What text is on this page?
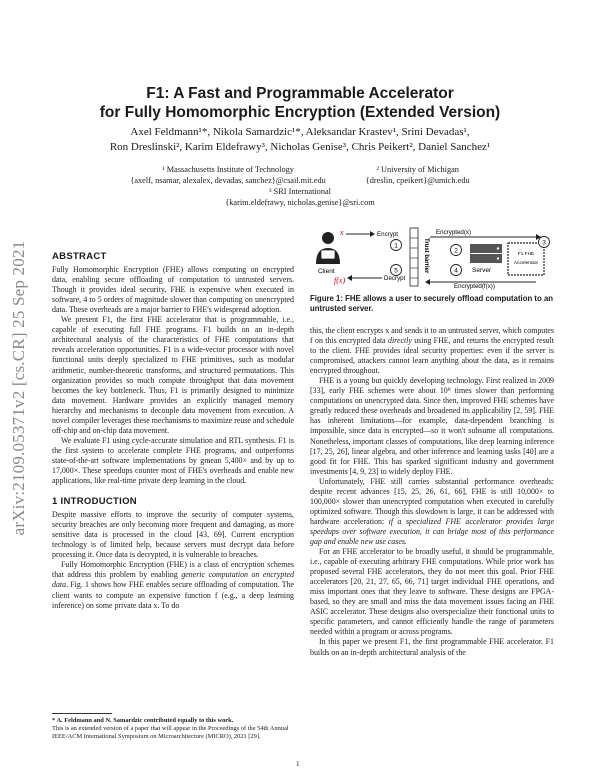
arXiv:2109.05371v2 [cs.CR] 25 Sep 2021
F1: A Fast and Programmable Accelerator
for Fully Homomorphic Encryption (Extended Version)
Axel Feldmann¹*, Nikola Samardzic¹*, Aleksandar Krastev¹, Srini Devadas¹,
Ron Dreslinski², Karim Eldefrawy³, Nicholas Genise³, Chris Peikert², Daniel Sanchez¹
¹ Massachusetts Institute of Technology
{axelf, nsamar, alexalex, devadas, sanchez}@csail.mit.edu
² University of Michigan
{dreslin, cpeikert}@umich.edu
³ SRI International
{karim.eldefrawy, nicholas.genise}@sri.com
ABSTRACT

Fully Homomorphic Encryption (FHE) allows computing on encrypted data, enabling secure offloading of computation to untrusted servers. Though it provides ideal security, FHE is expensive when executed in software, 4 to 5 orders of magnitude slower than computing on unencrypted data. These overheads are a major barrier to FHE's widespread adoption.

We present F1, the first FHE accelerator that is programmable, i.e., capable of executing full FHE programs. F1 builds on an in-depth architectural analysis of the characteristics of FHE computations that reveals acceleration opportunities. F1 is a wide-vector processor with novel functional units deeply specialized to FHE primitives, such as modular arithmetic, number-theoretic transforms, and structured permutations. This organization provides so much compute throughput that data movement becomes the key bottleneck. Thus, F1 is primarily designed to minimize data movement. Hardware provides an explicitly managed memory hierarchy and mechanisms to decouple data movement from execution. A novel compiler leverages these mechanisms to maximize reuse and schedule off-chip and on-chip data movement.

We evaluate F1 using cycle-accurate simulation and RTL synthesis. F1 is the first system to accelerate complete FHE programs, and outperforms state-of-the-art software implementations by gmean 5,400× and by up to 17,000×. These speedups counter most of FHE's overheads and enable new applications, like real-time private deep learning in the cloud.

1 INTRODUCTION

Despite massive efforts to improve the security of computer systems, security breaches are only becoming more frequent and damaging, as more sensitive data is processed in the cloud [43, 69]. Current encryption technology is of limited help, because servers must decrypt data before processing it. Once data is decrypted, it is vulnerable to breaches.

Fully Homomorphic Encryption (FHE) is a class of encryption schemes that address this problem by enabling generic computation on encrypted data. Fig. 1 shows how FHE enables secure offloading of computation. The client wants to compute an expensive function f (e.g., a deep learning inference) on some private data x. To do

* A. Feldmann and N. Samardzic contributed equally to this work.
This is an extended version of a paper that will appear in the Proceedings of the 54th Annual IEEE/ACM International Symposium on Microarchitecture (MICRO), 2021 [29].
Client
x
f(x)
Encrypt
Decrypt
1
5	Trust barrier
Encrypted(x)
Encrypted(f(x))
2
4 Server
F1 FHE
Accelerator
3
Figure 1: FHE allows a user to securely offload computation to an untrusted server.

this, the client encrypts x and sends it to an untrusted server, which computes f on this encrypted data directly using FHE, and returns the encrypted result to the client. FHE provides ideal security properties: even if the server is compromised, attackers cannot learn anything about the data, as it remains encrypted throughout.

FHE is a young but quickly developing technology. First realized in 2009 [33], early FHE schemes were about 10⁹ times slower than performing computations on unencrypted data. Since then, improved FHE schemes have greatly reduced these overheads and broadened its applicability [2, 59]. FHE has inherent limitations—for example, data-dependent branching is impossible, since data is encrypted—so it won't subsume all computations. Nonetheless, important classes of computations, like deep learning inference [17, 25, 26], linear algebra, and other inference and learning tasks [40] are a good fit for FHE. This has sparked significant industry and government investments [4, 9, 23] to widely deploy FHE.

Unfortunately, FHE still carries substantial performance overheads: despite recent advances [15, 25, 26, 61, 66], FHE is still 10,000× to 100,000× slower than unencrypted computation when executed in carefully optimized software. Though this slowdown is large, it can be addressed with hardware acceleration: if a specialized FHE accelerator provides large speedups over software execution, it can bridge most of this performance gap and enable new use cases.

For an FHE accelerator to be broadly useful, it should be programmable, i.e., capable of executing arbitrary FHE computations. While prior work has proposed several FHE accelerators, they do not meet this goal. Prior FHE accelerators [20, 21, 27, 65, 66, 71] target individual FHE operations, and miss important ones that they leave to software. These designs are FPGA-based, so they are small and miss the data movement issues facing an FHE ASIC accelerator. These designs also overspecialize their functional units to specific parameters, and cannot efficiently handle the range of parameters needed within a program or across programs.

In this paper we present F1, the first programmable FHE accelerator. F1 builds on an in-depth architectural analysis of the

1
